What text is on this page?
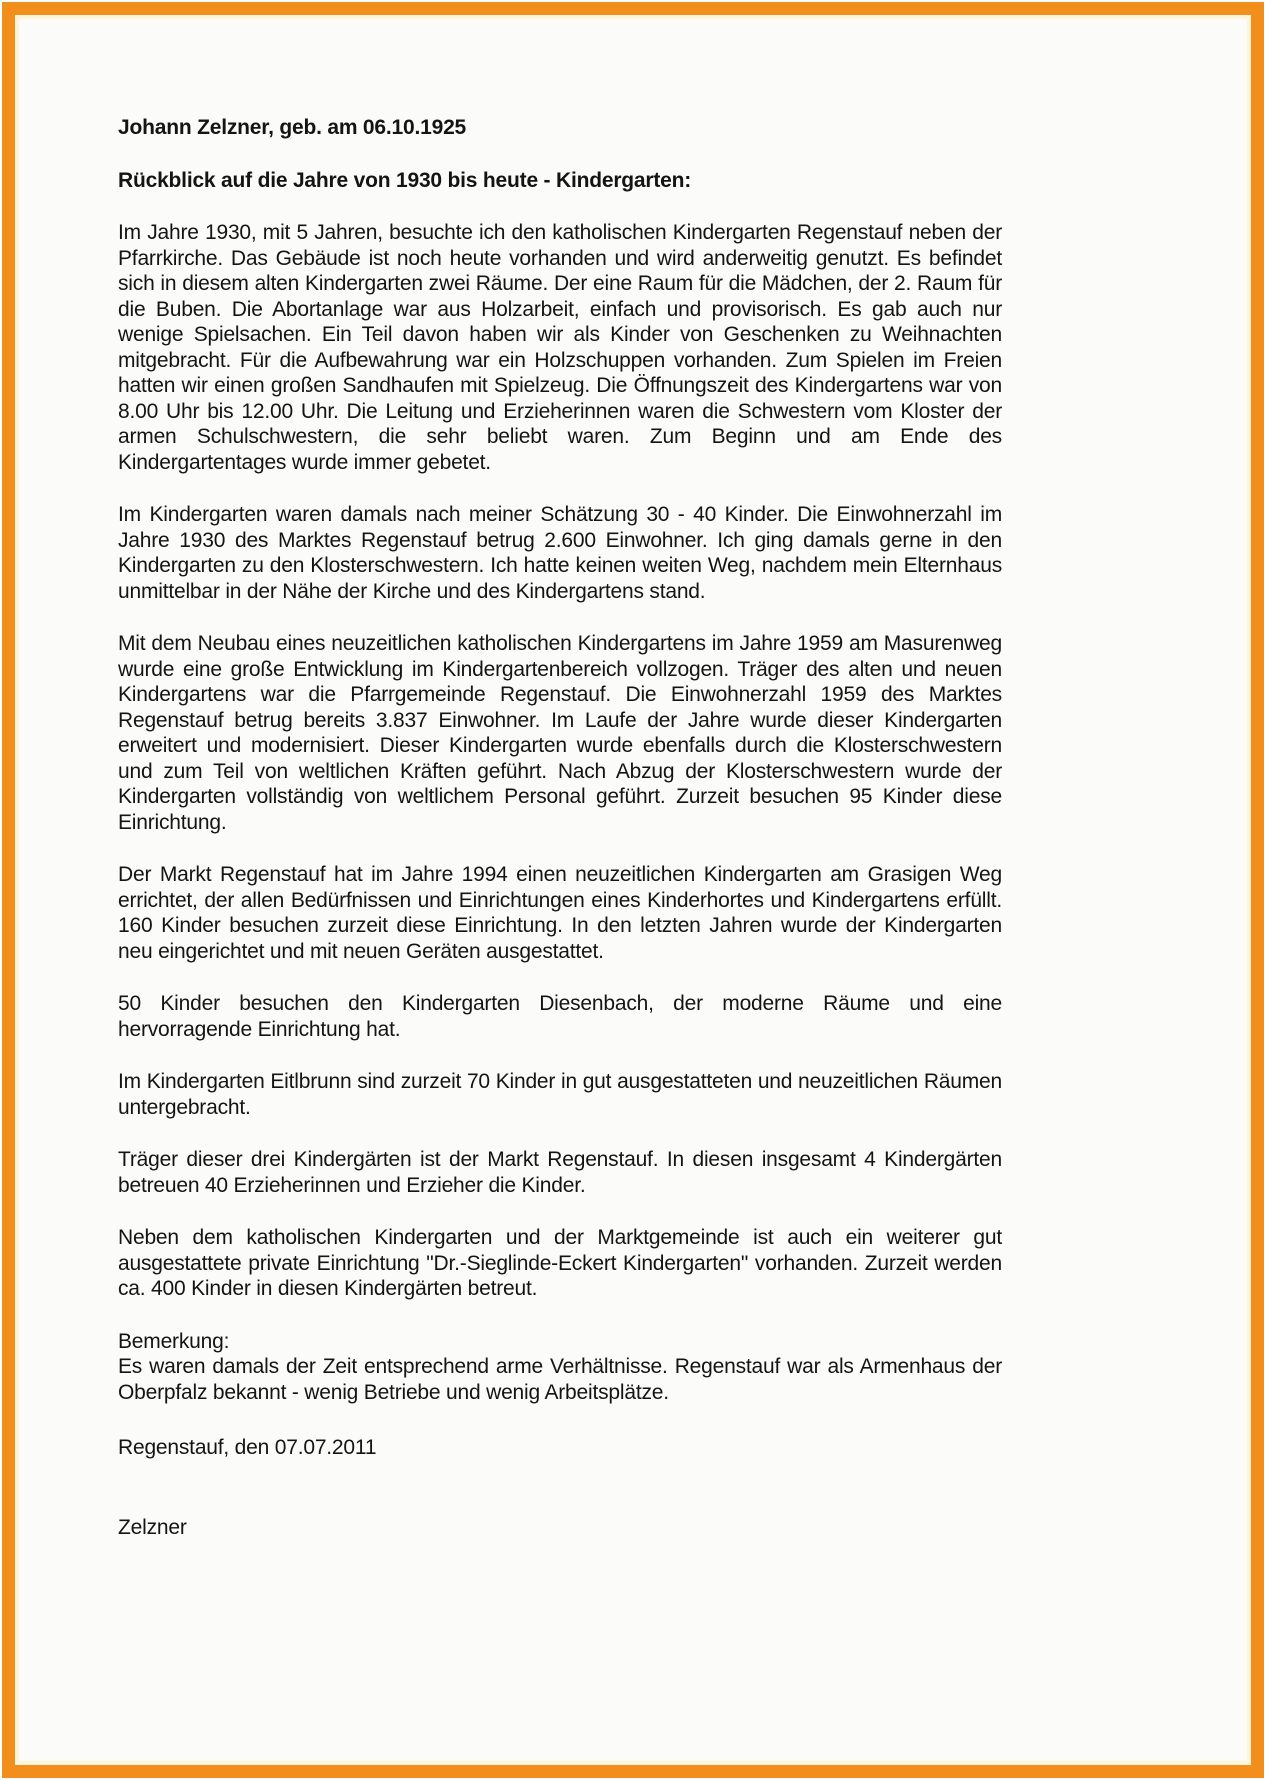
Johann Zelzner, geb. am 06.10.1925

Rückblick auf die Jahre von 1930 bis heute - Kindergarten:

Im Jahre 1930, mit 5 Jahren, besuchte ich den katholischen Kindergarten Regenstauf neben der Pfarrkirche. Das Gebäude ist noch heute vorhanden und wird anderweitig genutzt. Es befindet sich in diesem alten Kindergarten zwei Räume. Der eine Raum für die Mädchen, der 2. Raum für die Buben. Die Abortanlage war aus Holzarbeit, einfach und provisorisch. Es gab auch nur wenige Spielsachen. Ein Teil davon haben wir als Kinder von Geschenken zu Weihnachten mitgebracht. Für die Aufbewahrung war ein Holzschuppen vorhanden. Zum Spielen im Freien hatten wir einen großen Sandhaufen mit Spielzeug. Die Öffnungszeit des Kindergartens war von 8.00 Uhr bis 12.00 Uhr. Die Leitung und Erzieherinnen waren die Schwestern vom Kloster der armen Schulschwestern, die sehr beliebt waren. Zum Beginn und am Ende des Kindergartentages wurde immer gebetet.

Im Kindergarten waren damals nach meiner Schätzung 30 - 40 Kinder. Die Einwohnerzahl im Jahre 1930 des Marktes Regenstauf betrug 2.600 Einwohner. Ich ging damals gerne in den Kindergarten zu den Klosterschwestern. Ich hatte keinen weiten Weg, nachdem mein Elternhaus unmittelbar in der Nähe der Kirche und des Kindergartens stand.

Mit dem Neubau eines neuzeitlichen katholischen Kindergartens im Jahre 1959 am Masurenweg wurde eine große Entwicklung im Kindergartenbereich vollzogen. Träger des alten und neuen Kindergartens war die Pfarrgemeinde Regenstauf. Die Einwohnerzahl 1959 des Marktes Regenstauf betrug bereits 3.837 Einwohner. Im Laufe der Jahre wurde dieser Kindergarten erweitert und modernisiert. Dieser Kindergarten wurde ebenfalls durch die Klosterschwestern und zum Teil von weltlichen Kräften geführt. Nach Abzug der Klosterschwestern wurde der Kindergarten vollständig von weltlichem Personal geführt. Zurzeit besuchen 95 Kinder diese Einrichtung.

Der Markt Regenstauf hat im Jahre 1994 einen neuzeitlichen Kindergarten am Grasigen Weg errichtet, der allen Bedürfnissen und Einrichtungen eines Kinderhortes und Kindergartens erfüllt. 160 Kinder besuchen zurzeit diese Einrichtung. In den letzten Jahren wurde der Kindergarten neu eingerichtet und mit neuen Geräten ausgestattet.

50 Kinder besuchen den Kindergarten Diesenbach, der moderne Räume und eine hervorragende Einrichtung hat.

Im Kindergarten Eitlbrunn sind zurzeit 70 Kinder in gut ausgestatteten und neuzeitlichen Räumen untergebracht.

Träger dieser drei Kindergärten ist der Markt Regenstauf. In diesen insgesamt 4 Kindergärten betreuen 40 Erzieherinnen und Erzieher die Kinder.

Neben dem katholischen Kindergarten und der Marktgemeinde ist auch ein weiterer gut ausgestattete private Einrichtung "Dr.-Sieglinde-Eckert Kindergarten" vorhanden. Zurzeit werden ca. 400 Kinder in diesen Kindergärten betreut.

Bemerkung:

Es waren damals der Zeit entsprechend arme Verhältnisse. Regenstauf war als Armenhaus der Oberpfalz bekannt - wenig Betriebe und wenig Arbeitsplätze.

Regenstauf, den 07.07.2011

Zelzner
